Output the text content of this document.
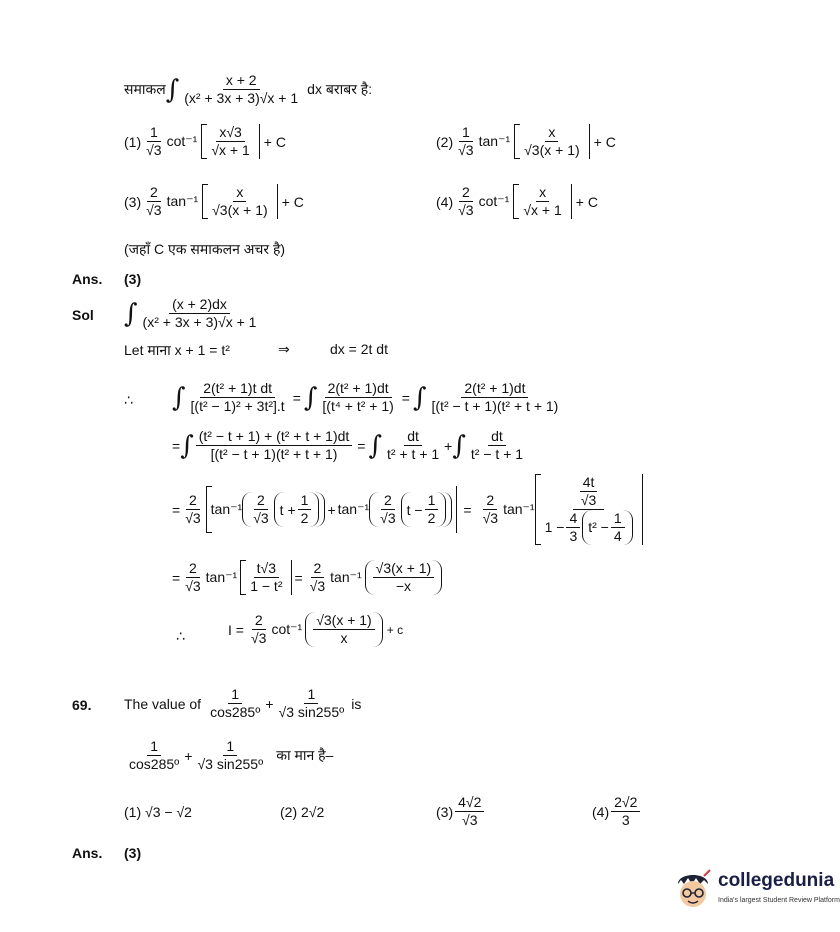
समाकल ∫ $\frac{x + 2}{\text{(x² + 3x + 3)√x + 1}}$ dx बराबर है:
$(1) \frac{1}{√3} \cot^{-1} \frac{x√3}{√x + 1} + C$	$(2) \frac{1}{√3} \tan^{-1} \frac{x}{√3(x + 1)} + C$
$(3) \frac{2}{√3} \tan^{-1} \frac{x}{√3(x + 1)} + C$	$(4) \frac{2}{√3} \cot^{-1} \frac{x}{√x + 1} + C$
(जहाँ C एक समाकलन अचर है)
Ans. (3)
Sol ∫ $\frac{(x + 2)dx}{\text{(x² + 3x + 3)√x + 1}}$
Let माना x + 1 = t²	⇒	dx = 2t dt
∴ ∫ $\frac{\text{2(t² + 1)t dt}}{\text{[(t² − 1)² + 3t²].t}}$ = ∫ $\frac{\text{2(t² + 1)dt}}{\text{[(t⁴ + t² + 1)}}$ = ∫ $\frac{\text{2(t² + 1)dt}}{\text{[(t² − t + 1)(t² + t + 1)}}$
= ∫ $\frac{\text{(t² − t + 1) + (t² + t + 1)dt}}{\text{[(t² − t + 1)(t² + t + 1)}}$ = ∫ $\frac{dt}{\text{t² + t + 1}}$ + ∫ $\frac{dt}{\text{t² − t + 1}}$
= $\frac{2}{√3} \tan^{-1} \frac{2}{√3}$ $t + \frac{1}{2} + \tan^{-1} \frac{2}{√3}$ $t - \frac{1}{2} = \frac{2}{√3} \tan^{-1} \frac{\frac{4t}{√3}}{1 - \frac{4}{3} t^2 - \frac{1}{4}}$
= $\frac{2}{√3} \tan^{-1} \frac{t√3}{\text{1 − t²}} = \frac{2}{√3} \tan^{-1} \frac{√3(x + 1)}{-x}$
∴	$I = \frac{2}{√3} \cot^{-1} \frac{√3(x + 1)}{x} + c$
69. The value of $\frac{1}{\text{cos285º}} + \frac{1}{\text{√3 sin255º}}$ is
$\frac{1}{\text{cos285º}} + \frac{1}{\text{√3 sin255º}}$ का मान है–
(1) √3 − √2	(2) 2√2	$(3) \frac{4√2}{√3}$	$(4) \frac{2√2}{3}$
Ans. (3)
collegedunia
India's largest Student Review Platform
